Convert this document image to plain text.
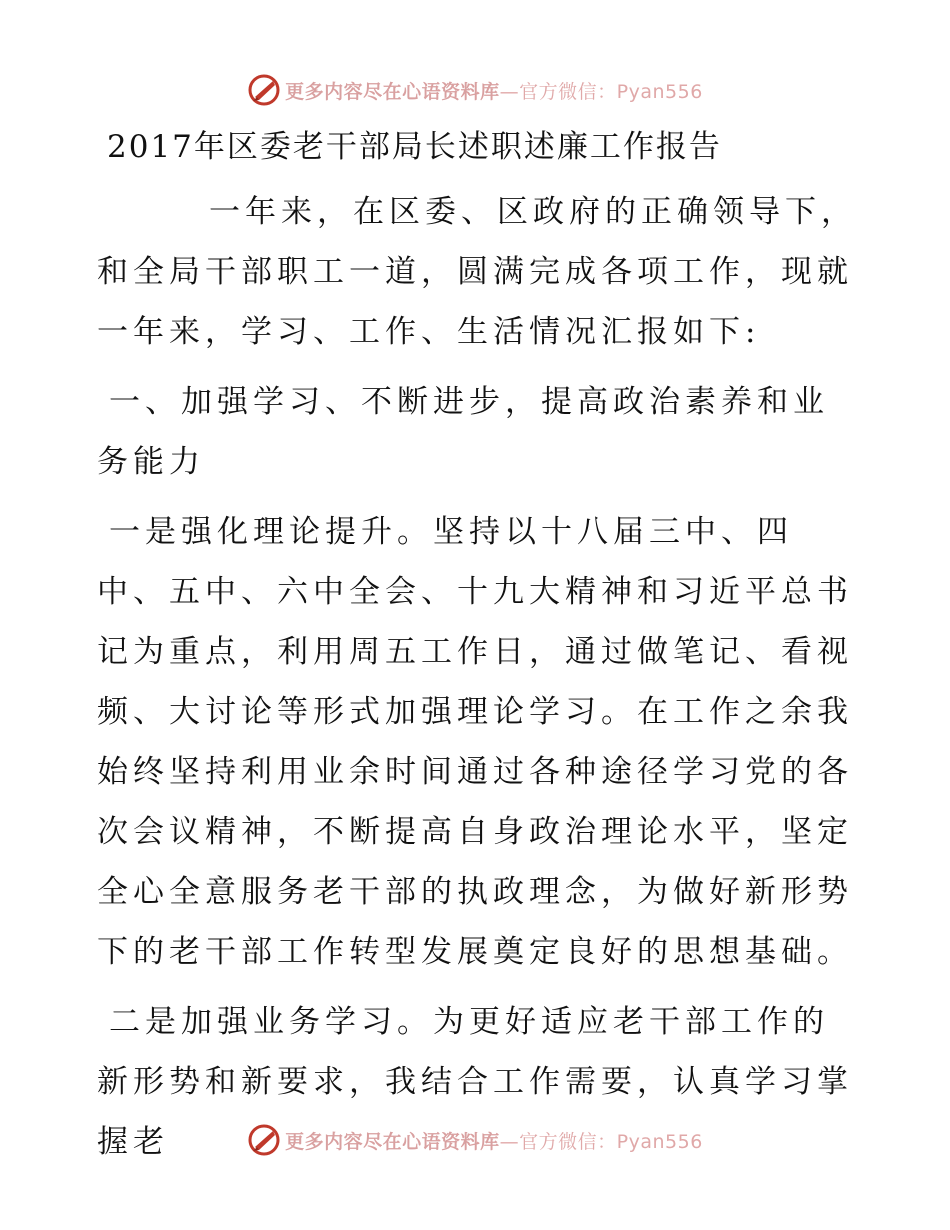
更多内容尽在心语资料库—官方微信：Pyan556
2017年区委老干部局长述职述廉工作报告

一年来，在区委、区政府的正确领导下，和全局干部职工一道，圆满完成各项工作，现就一年来，学习、工作、生活情况汇报如下:

一、加强学习、不断进步，提高政治素养和业务能力

一是强化理论提升。坚持以十八届三中、四中、五中、六中全会、十九大精神和习近平总书记为重点，利用周五工作日，通过做笔记、看视频、大讨论等形式加强理论学习。在工作之余我始终坚持利用业余时间通过各种途径学习党的各次会议精神，不断提高自身政治理论水平，坚定全心全意服务老干部的执政理念，为做好新形势下的老干部工作转型发展奠定良好的思想基础。

二是加强业务学习。为更好适应老干部工作的新形势和新要求，我结合工作需要，认真学习掌握老	更多内容尽在心语资料库—官方微信：Pyan556
